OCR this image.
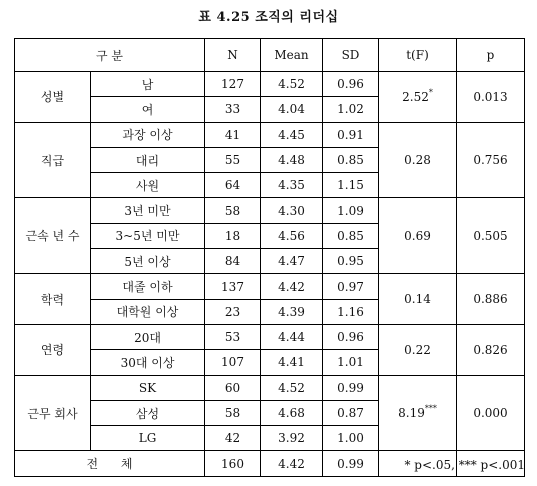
표 4.25 조직의 리더십
구 분		N	Mean	SD	t(F)	p
성별	남	127	4.52	0.96	2.52*	0.013
	여	33	4.04	1.02		
직급	과장 이상	41	4.45	0.91	0.28	0.756
	대리	55	4.48	0.85		
	사원	64	4.35	1.15		
근속 년 수	3년 미만	58	4.30	1.09	0.69	0.505
	3~5년 미만	18	4.56	0.85		
	5년 이상	84	4.47	0.95		
학력	대졸 이하	137	4.42	0.97	0.14	0.886
	대학원 이상	23	4.39	1.16		
연령	20대	53	4.44	0.96	0.22	0.826
	30대 이상	107	4.41	1.01		
근무 회사	SK	60	4.52	0.99	8.19***	0.000
	삼성	58	4.68	0.87		
	LG	42	3.92	1.00		
전      체		160	4.42	0.99			* p<.05, *** p<.001
